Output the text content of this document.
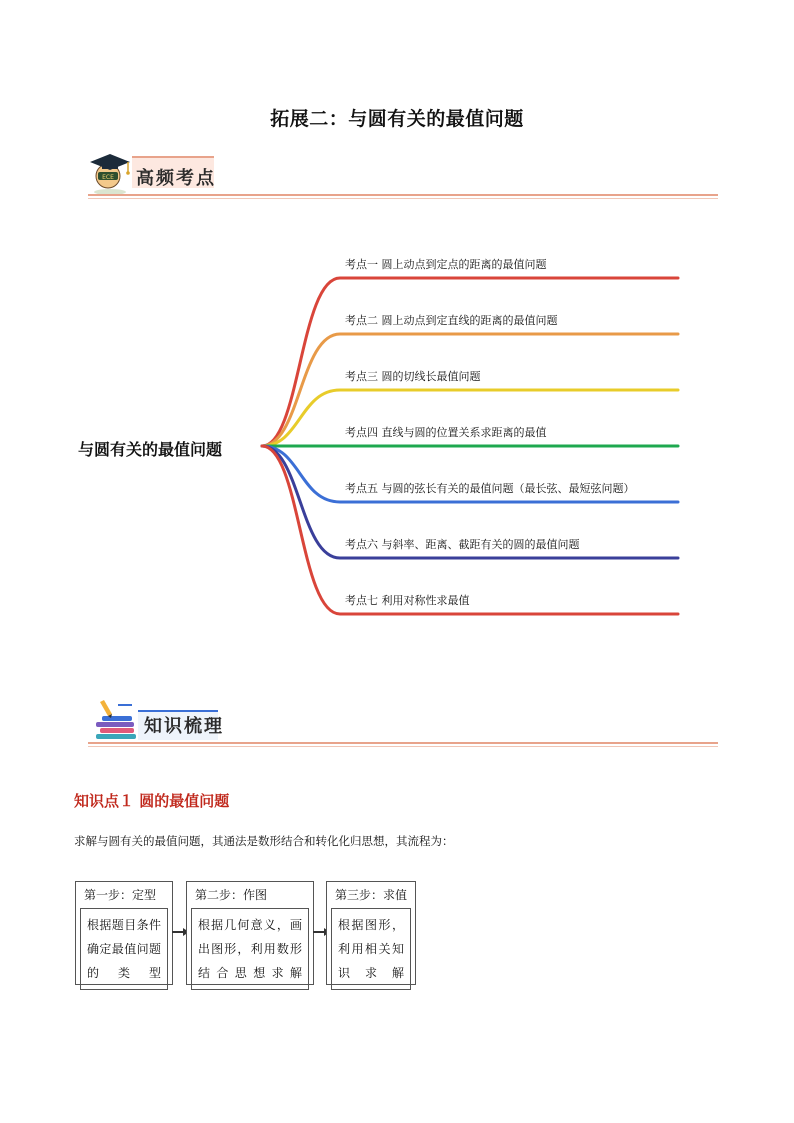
拓展二：与圆有关的最值问题
ECE 高频考点
与圆有关的最值问题
考点一 圆上动点到定点的距离的最值问题
考点二 圆上动点到定直线的距离的最值问题
考点三 圆的切线长最值问题
考点四 直线与圆的位置关系求距离的最值
考点五 与圆的弦长有关的最值问题（最长弦、最短弦问题）
考点六 与斜率、距离、截距有关的圆的最值问题
考点七 利用对称性求最值
知识梳理
知识点１ 圆的最值问题
求解与圆有关的最值问题，其通法是数形结合和转化化归思想，其流程为：
第一步：定型
根据题目条件确定最值问题的类型
第二步：作图
根据几何意义，画出图形，利用数形结合思想求解
第三步：求值
根据图形，利用相关知识求解
